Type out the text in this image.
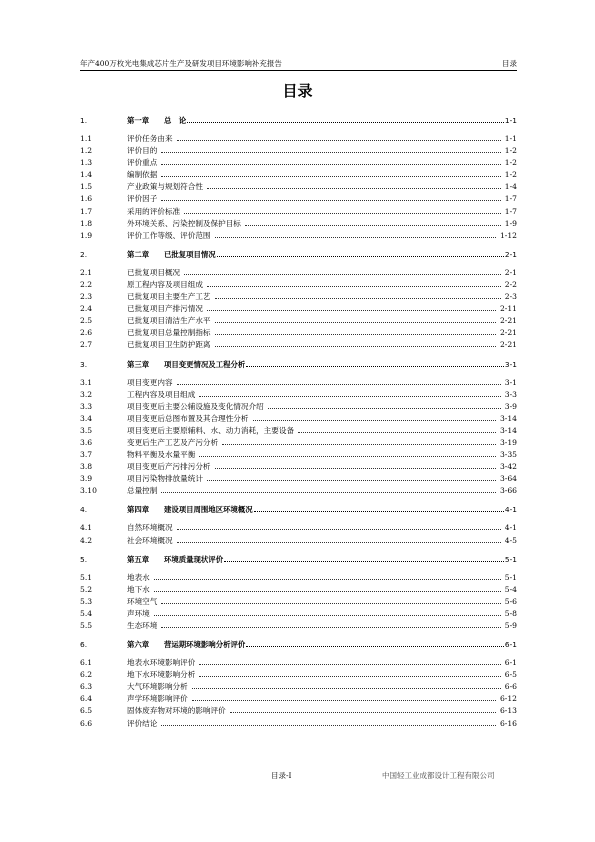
年产400万枚光电集成芯片生产及研发项目环境影响补充报告	目录
目录
1.	第一章　　总　论	1-1
1.1	评价任务由来	1-1
1.2	评价目的	1-2
1.3	评价重点	1-2
1.4	编制依据	1-2
1.5	产业政策与规划符合性	1-4
1.6	评价因子	1-7
1.7	采用的评价标准	1-7
1.8	外环境关系、污染控制及保护目标	1-9
1.9	评价工作等级、评价范围	1-12
2.	第二章　　已批复项目情况	2-1
2.1	已批复项目概况	2-1
2.2	原工程内容及项目组成	2-2
2.3	已批复项目主要生产工艺	2-3
2.4	已批复项目产排污情况	2-11
2.5	已批复项目清洁生产水平	2-21
2.6	已批复项目总量控制指标	2-21
2.7	已批复项目卫生防护距离	2-21
3.	第三章　　项目变更情况及工程分析	3-1
3.1	项目变更内容	3-1
3.2	工程内容及项目组成	3-3
3.3	项目变更后主要公辅设施及变化情况介绍	3-9
3.4	项目变更后总图布置及其合理性分析	3-14
3.5	项目变更后主要原辅料、水、动力消耗，主要设备	3-14
3.6	变更后生产工艺及产污分析	3-19
3.7	物料平衡及水量平衡	3-35
3.8	项目变更后产污排污分析	3-42
3.9	项目污染物排放量统计	3-64
3.10	总量控制	3-66
4.	第四章　　建设项目周围地区环境概况	4-1
4.1	自然环境概况	4-1
4.2	社会环境概况	4-5
5.	第五章　　环境质量现状评价	5-1
5.1	地表水	5-1
5.2	地下水	5-4
5.3	环境空气	5-6
5.4	声环境	5-8
5.5	生态环境	5-9
6.	第六章　　营运期环境影响分析评价	6-1
6.1	地表水环境影响评价	6-1
6.2	地下水环境影响分析	6-5
6.3	大气环境影响分析	6-6
6.4	声学环境影响评价	6-12
6.5	固体废弃物对环境的影响评价	6-13
6.6	评价结论	6-16
目录-I	中国轻工业成都设计工程有限公司
